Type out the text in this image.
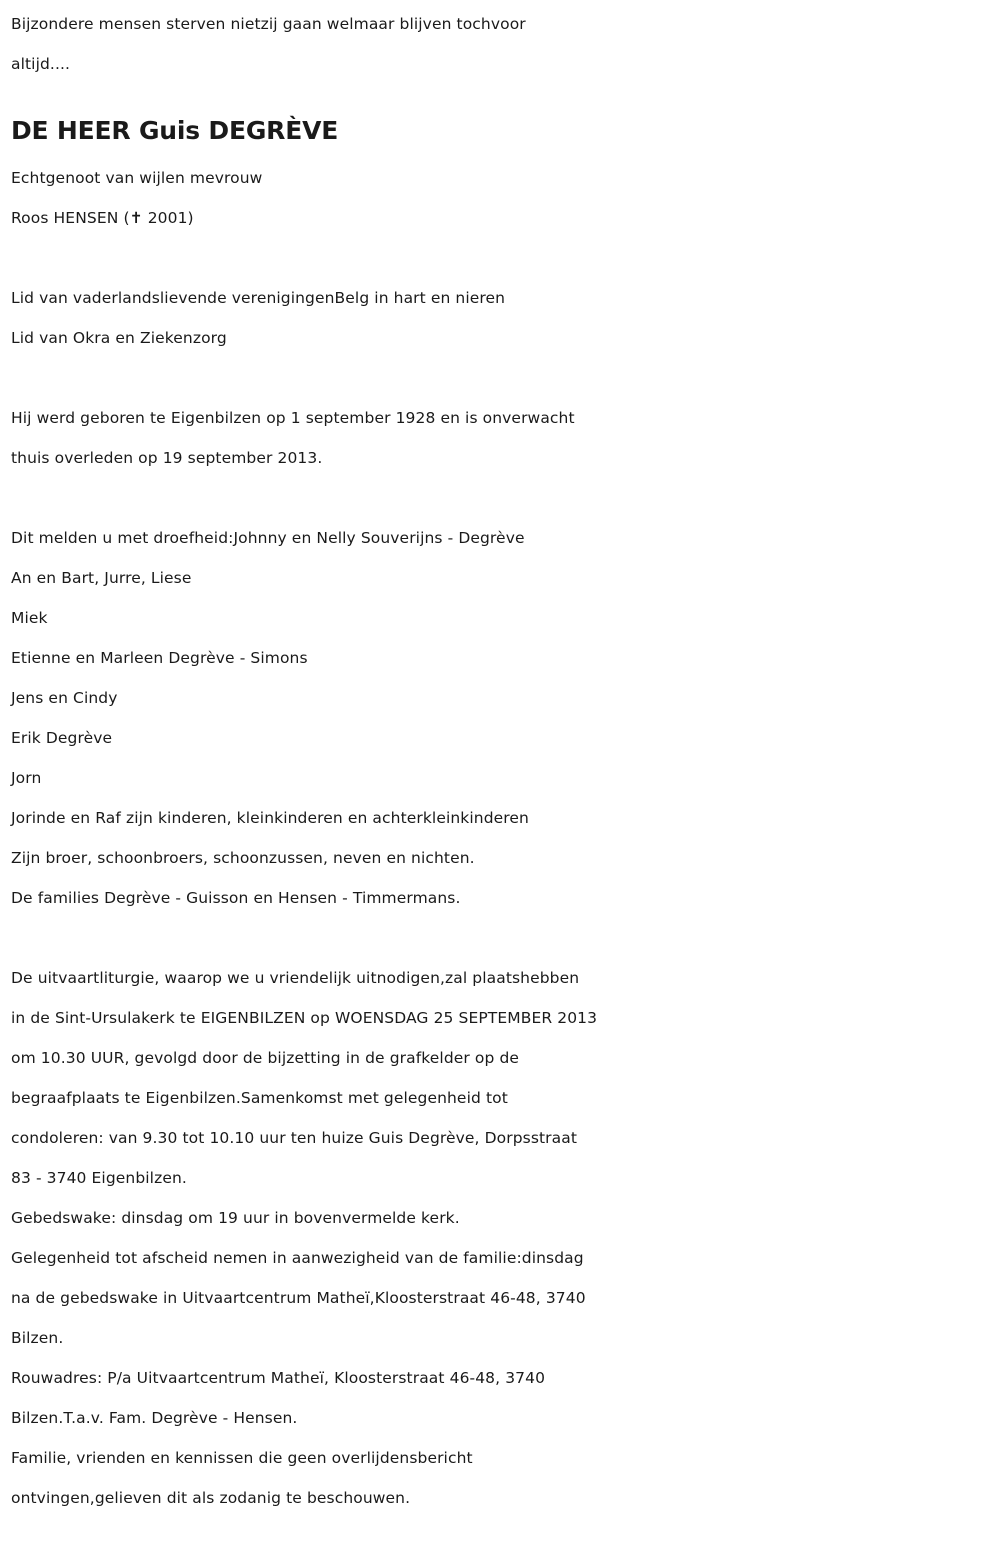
Bijzondere mensen sterven nietzij gaan welmaar blijven tochvoor
altijd....
DE HEER Guis DEGRÈVE
Echtgenoot van wijlen mevrouw
Roos HENSEN (✝ 2001)
Lid van vaderlandslievende verenigingenBelg in hart en nieren
Lid van Okra en Ziekenzorg
Hij werd geboren te Eigenbilzen op 1 september 1928 en is onverwacht
thuis overleden op 19 september 2013.
Dit melden u met droefheid:Johnny en Nelly Souverijns - Degrève
An en Bart, Jurre, Liese
Miek
Etienne en Marleen Degrève - Simons
Jens en Cindy
Erik Degrève
Jorn
Jorinde en Raf zijn kinderen, kleinkinderen en achterkleinkinderen
Zijn broer, schoonbroers, schoonzussen, neven en nichten.
De families Degrève - Guisson en Hensen - Timmermans.
De uitvaartliturgie, waarop we u vriendelijk uitnodigen,zal plaatshebben
in de Sint-Ursulakerk te EIGENBILZEN op WOENSDAG 25 SEPTEMBER 2013
om 10.30 UUR, gevolgd door de bijzetting in de grafkelder op de
begraafplaats te Eigenbilzen.Samenkomst met gelegenheid tot
condoleren: van 9.30 tot 10.10 uur ten huize Guis Degrève, Dorpsstraat
83 - 3740 Eigenbilzen.
Gebedswake: dinsdag om 19 uur in bovenvermelde kerk.
Gelegenheid tot afscheid nemen in aanwezigheid van de familie:dinsdag
na de gebedswake in Uitvaartcentrum Matheï,Kloosterstraat 46-48, 3740
Bilzen.
Rouwadres: P/a Uitvaartcentrum Matheï, Kloosterstraat 46-48, 3740
Bilzen.T.a.v. Fam. Degrève - Hensen.
Familie, vrienden en kennissen die geen overlijdensbericht
ontvingen,gelieven dit als zodanig te beschouwen.
